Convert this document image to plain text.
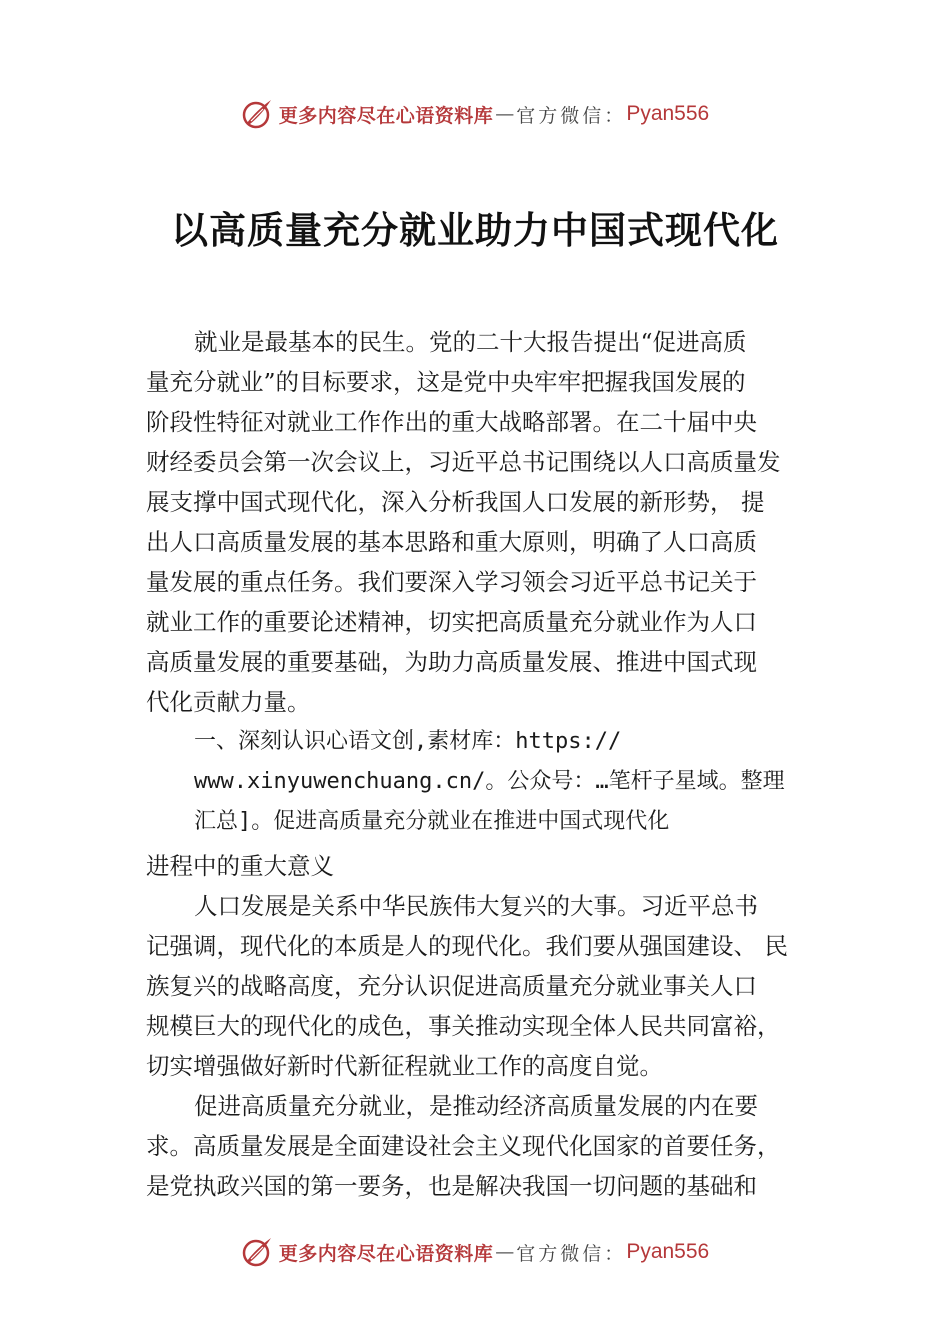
更多内容尽在心语资料库 — 官方微信： Pyan556
以高质量充分就业助力中国式现代化
就业是最基本的民生。党的二十大报告提出“促进高质
量充分就业”的目标要求，这是党中央牢牢把握我国发展的
阶段性特征对就业工作作出的重大战略部署。在二十届中央
财经委员会第一次会议上，习近平总书记围绕以人口高质量发
展支撑中国式现代化，深入分析我国人口发展的新形势， 提
出人口高质量发展的基本思路和重大原则，明确了人口高质
量发展的重点任务。我们要深入学习领会习近平总书记关于
就业工作的重要论述精神，切实把高质量充分就业作为人口
高质量发展的重要基础，为助力高质量发展、推进中国式现
代化贡献力量。
一、深刻认识心语文创,素材库：https://
www.xinyuwenchuang.cn/。公众号：…笔杆子星域。整理
汇总]。促进高质量充分就业在推进中国式现代化
进程中的重大意义
人口发展是关系中华民族伟大复兴的大事。习近平总书
记强调，现代化的本质是人的现代化。我们要从强国建设、 民
族复兴的战略高度，充分认识促进高质量充分就业事关人口
规模巨大的现代化的成色，事关推动实现全体人民共同富裕，
切实增强做好新时代新征程就业工作的高度自觉。
促进高质量充分就业，是推动经济高质量发展的内在要
求。高质量发展是全面建设社会主义现代化国家的首要任务，
是党执政兴国的第一要务，也是解决我国一切问题的基础和
更多内容尽在心语资料库 — 官方微信： Pyan556
